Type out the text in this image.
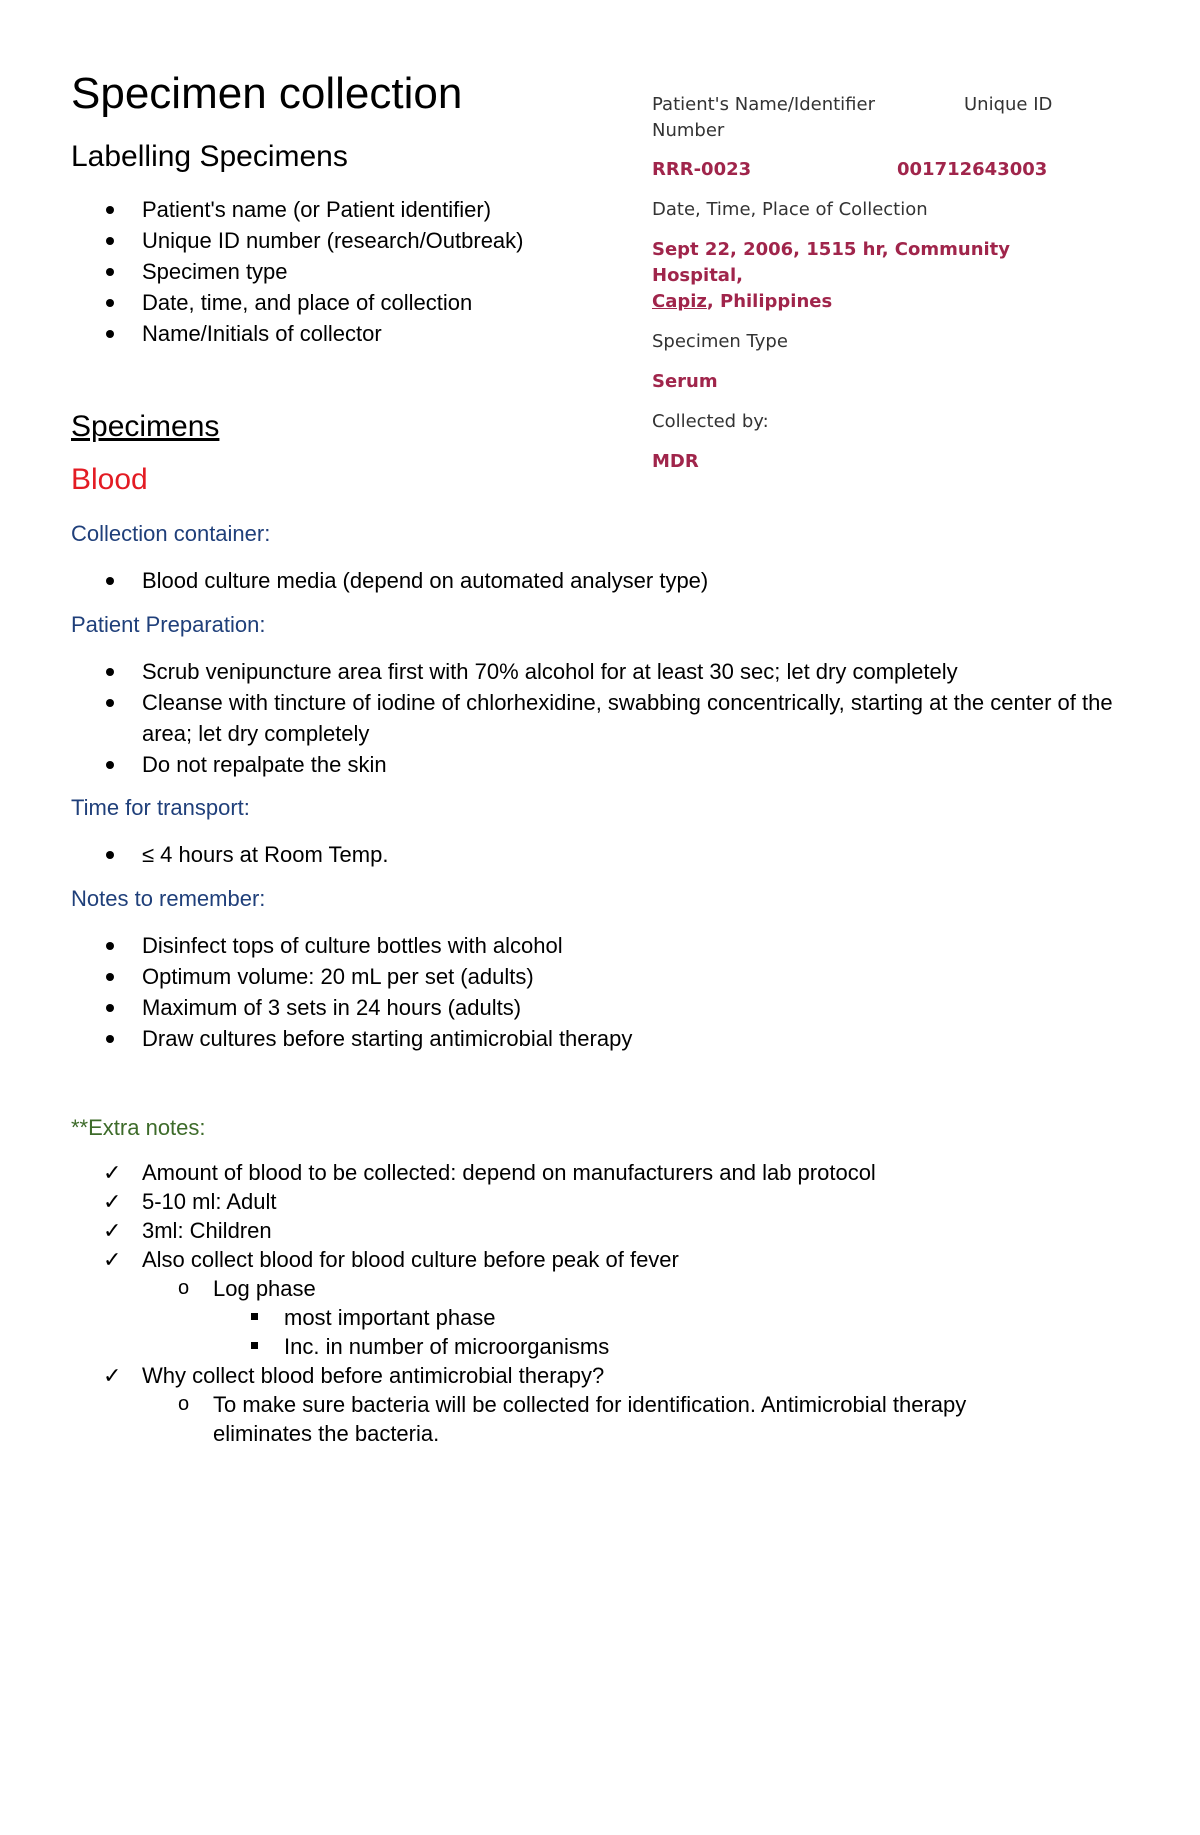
Specimen collection
Labelling Specimens
Patient's name (or Patient identifier)
Unique ID number (research/Outbreak)
Specimen type
Date, time, and place of collection
Name/Initials of collector
Patient's Name/Identifier	Unique ID
Number
RRR-0023	001712643003
Date, Time, Place of Collection
Sept 22, 2006, 1515 hr, Community Hospital,
Capiz, Philippines
Specimen Type
Serum
Collected by:
MDR
Specimens
Blood
Collection container:
Blood culture media (depend on automated analyser type)
Patient Preparation:
Scrub venipuncture area first with 70% alcohol for at least 30 sec; let dry completely
Cleanse with tincture of iodine of chlorhexidine, swabbing concentrically, starting at the center of the area; let dry completely
Do not repalpate the skin
Time for transport:
≤ 4 hours at Room Temp.
Notes to remember:
Disinfect tops of culture bottles with alcohol
Optimum volume: 20 mL per set (adults)
Maximum of 3 sets in 24 hours (adults)
Draw cultures before starting antimicrobial therapy
**Extra notes:
✓ Amount of blood to be collected: depend on manufacturers and lab protocol
✓ 5-10 ml: Adult
✓ 3ml: Children
✓ Also collect blood for blood culture before peak of fever
o Log phase
most important phase
Inc. in number of microorganisms
✓ Why collect blood before antimicrobial therapy?
o To make sure bacteria will be collected for identification. Antimicrobial therapy eliminates the bacteria.
